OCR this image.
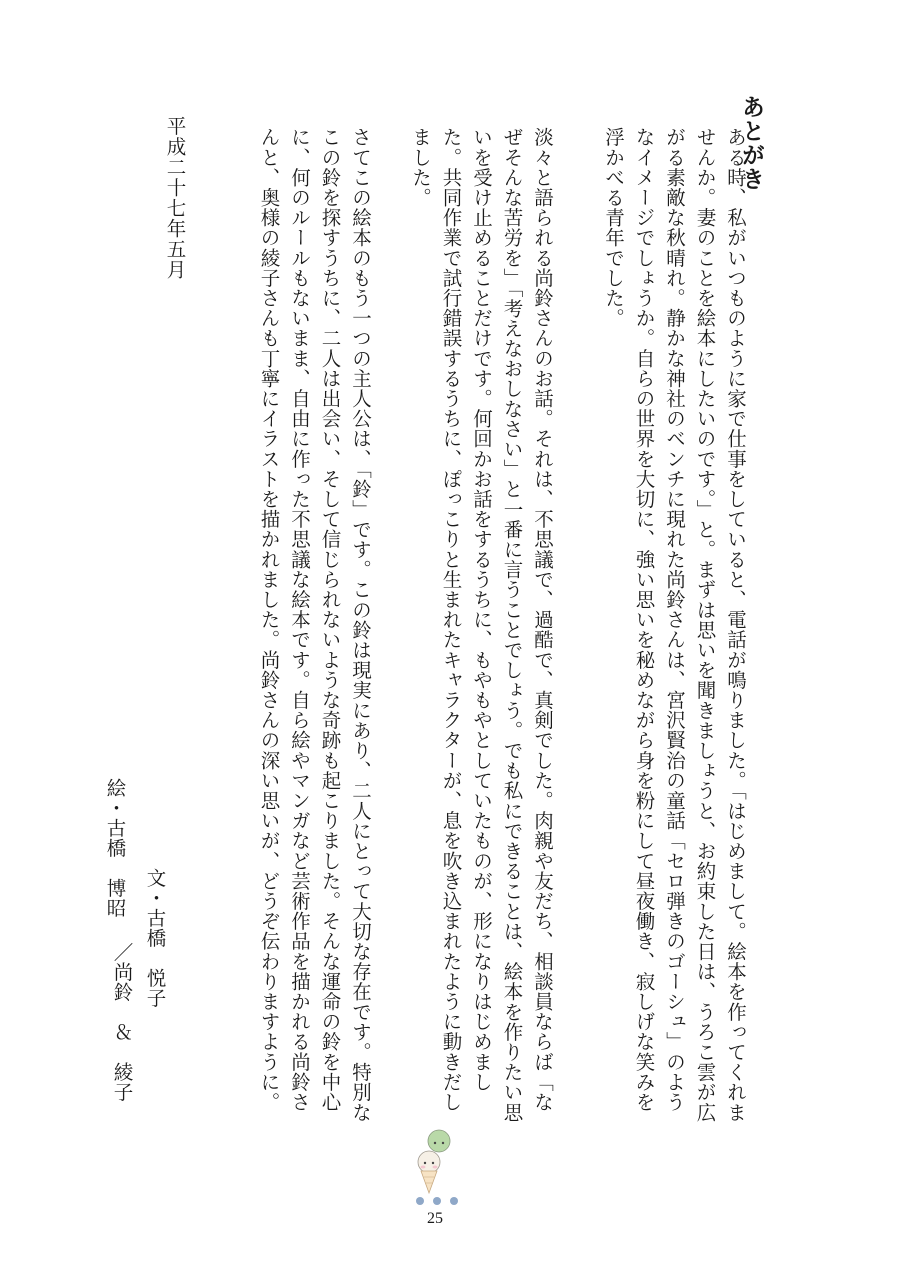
あとがき
ある時、私がいつものように家で仕事をしていると、電話が鳴りました。「はじめまして。絵本を作ってくれませんか。妻のことを絵本にしたいのです。」と。まずは思いを聞きましょうと、お約束した日は、うろこ雲が広がる素敵な秋晴れ。静かな神社のベンチに現れた尚鈴さんは、宮沢賢治の童話「セロ弾きのゴーシュ」のようなイメージでしょうか。自らの世界を大切に、強い思いを秘めながら身を粉にして昼夜働き、寂しげな笑みを浮かべる青年でした。
淡々と語られる尚鈴さんのお話。それは、不思議で、過酷で、真剣でした。肉親や友だち、相談員ならば「なぜそんな苦労を」「考えなおしなさい」と一番に言うことでしょう。でも私にできることは、絵本を作りたい思いを受け止めることだけです。何回かお話をするうちに、もやもやとしていたものが、形になりはじめました。共同作業で試行錯誤するうちに、ぽっこりと生まれたキャラクターが、息を吹き込まれたように動きだしました。
さてこの絵本のもう一つの主人公は、「鈴」です。この鈴は現実にあり、二人にとって大切な存在です。特別なこの鈴を探すうちに、二人は出会い、そして信じられないような奇跡も起こりました。そんな運命の鈴を中心に、何のルールもないまま、自由に作った不思議な絵本です。自ら絵やマンガなど芸術作品を描かれる尚鈴さんと、奥様の綾子さんも丁寧にイラストを描かれました。尚鈴さんの深い思いが、どうぞ伝わりますように。
平成二十七年五月
文・古橋　悦子
／尚鈴　＆　綾子
絵・古橋　博昭
25
